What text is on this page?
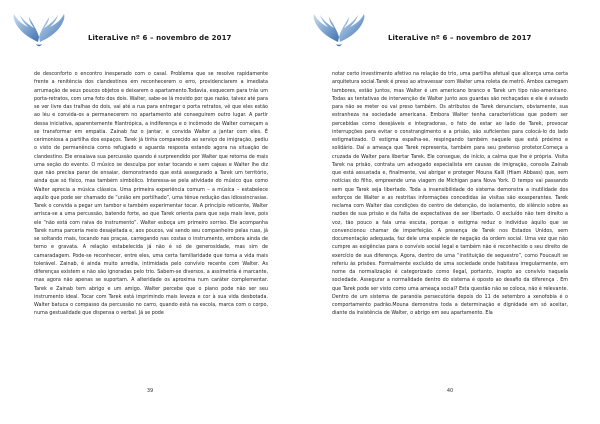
LiteraLive nº 6 – novembro de 2017

de desconforto o encontro inesperado com o casal. Problema que se resolve rapidamente frente a renitência dos clandestinos em reconhecerem o erro, providenciarem a imediata arrumação de seus poucos objetos e deixarem o apartamento.Todavia, esquecem para trás um porta-retratos, com uma foto dos dois. Walter, sabe-se lá movido por que razão, talvez até para se ver livre das tralhas do dois, vai até a rua para entregar o porta retratos, vê que eles estão ao léu e convida-os a permanecerem no apartamento até conseguirem outro lugar. A partir dessa iniciativa, aparentemente filantrópica, a indiferença e o incômodo de Walter começam a se transformar em empatia. Zainab faz o jantar, e convida Walter a jantar com eles. É cerimoniosa a partilha dos espaços. Tarek já tinha comparecido ao serviço de imigração, pediu o visto de permanência como refugiado e aguarda resposta estando agora na situação de clandestino. Ele ensaiava sua percussão quando é surpreendido por Walter que retorna de mais uma seção do evento. O músico se desculpa por estar tocando e sem cajeas e Walter lhe diz que não precisa parar de ensaiar, demonstrando que está assegurado a Tarek um território, ainda que só físico, mas também simbólico. Interessa-se pela atividade do músico que como Walter aprecia a música clássica. Uma primeira experiência comum – a música – estabelece aquilo que pode ser chamado de “união em portilhado”, uma tênue redução das idiossincrasias. Tarek o convida a pegar um tambor e também experimentar tocar. A princípio reticente, Walter arrisca-se a uma percussão, batendo forte, ao que Tarek orienta para que seja mais leve, pois ele “não está com raiva do instrumento”. Walter esboça um primeiro sorriso. Ele acompanha Tarek numa parceria meio desajeitada e, aos poucos, vai sendo seu companheiro pelas ruas, já se soltando mais, tocando nas praças, carregando nas costas o instrumento, embora ainda de terno e gravata. A relação estabelecida já não é só de generosidade, mas sim de camaradagem. Pode-se reconhecer, entre eles, uma certa familiaridade que torna a vida mais tolerável. Zainab, é ainda muito arredia, intimidada pelo convívio recente com Walter. As diferenças existem e não são ignoradas pelo trio. Sabem-se diversos, a assimetria é marcante, mas agora não apenas se suportam. A alteridade os aproxima num caráter complementar. Tarek e Zainab tem abrigo e um amigo. Walter percebe que o piano pode não ser seu instrumento ideal. Tocar com Tarek está imprimindo mais leveza e cor à sua vida desbotada. Walter batuca o compasso da percussão no carro, quando está na escola, marca com o corpo, numa gestualidade que dispensa o verbal. Já se pode

39
LiteraLive nº 6 – novembro de 2017

notar certo investimento afetivo na relação do trio, uma partilha afetual que alicerça uma certa arquitetura social.Tarek é preso ao atravessar com Walter uma roleta de metrô. Ambos carregam tambores, estão juntos, mas Walter é um americano branco e Tarek um tipo não-americano. Todas as tentativas de intervenção de Walter junto aos guardas são rechaçadas e ele é avisado para não se meter ou vai preso também. Os atributos de Tarek denunciam, obviamente, sua estranheza na sociedade americana. Embora Walter tenha características que podem ser percebidas como desejáveis e integradoras, o fato de estar ao lado de Tarek, provocar interrupções para evitar o constrangimento e a prisão, são suficientes para colocá-lo do lado estigmatizado. O estigma espalha-se, respingando também naquele que está próximo e solidário. Daí a ameaça que Tarek representa, também para seu pretenso protetor.Começa a cruzada de Walter para libertar Tarek. Ele consegue, de início, a calma que lhe é própria. Visita Tarek na prisão, contrata um advogado especialista em causas de imigração, consola Zainab que está assustada e, finalmente, vai abrigar e proteger Mouna Kalil (Hiam Abbass) que, sem notícias do filho, empreende uma viagem de Michigan para Nova York. O tempo vai passando sem que Tarek seja libertado. Toda a insensibilidade do sistema demonstra a inutilidade dos esforços de Walter e as restritas informações concedidas às visitas são exasperantes. Tarek reclama com Walter das condições do centro de detenção, do isolamento, do silêncio sobre as razões de sua prisão e da falta de expectativas de ser libertado. O excluído não tem direito a voz, tão pouco a fala uma escuta, porque o estigma reduz o indivíduo àquilo que se convencionou chamar de imperfeição. A presença de Tarek nos Estados Unidos, sem documentação adequada, faz dele uma espécie de negação da ordem social. Uma vez que não cumpre as exigências para o convívio social legal e também não é reconhecido o seu direito de exercício de sua diferença. Agora, dentro de uma “instituição de sequestro”, como Foucault se referiu às prisões. Formalmente excluído de uma sociedade onde habitava irregularmente, em nome da normalização é categorizado como ilegal, portanto, inapto ao convívio naquela sociedade. Assegurar a normalidade dentro do sistema é oposto ao desafio da diferença . Em que Tarek pode ser visto como uma ameaça social? Esta questão não se coloca, não é relevante. Dentro de um sistema de paranóia persecutória depois do 11 de setembro a xenofobia é o comportamento padrão.Mouna demonstra toda a determinação e dignidade em só aceitar, diante da insistência de Walter, o abrigo em seu apartamento. Ela

40
